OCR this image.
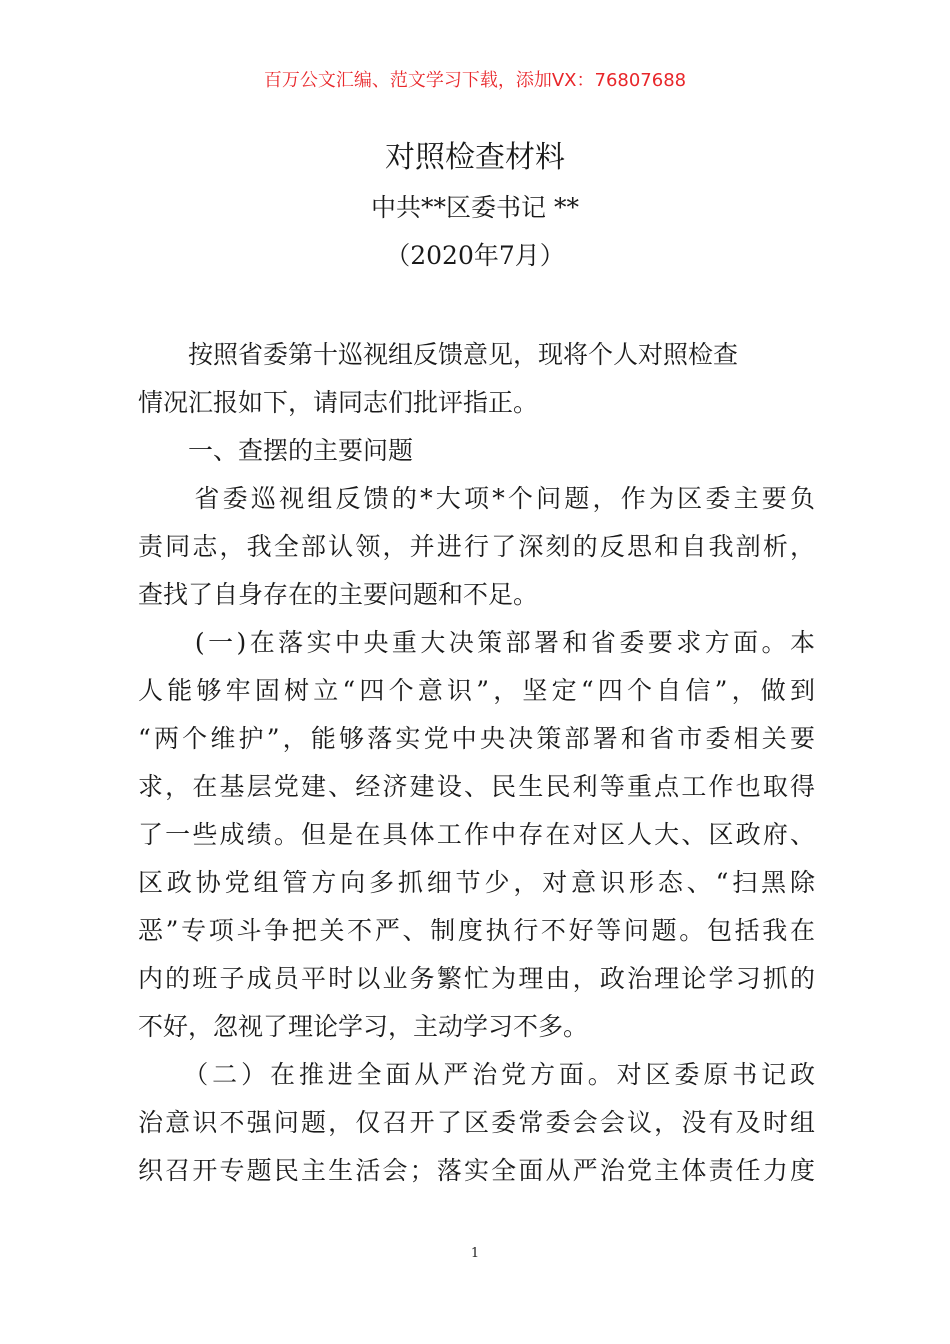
百万公文汇编、范文学习下载，添加VX：76807688
对照检查材料
中共**区委书记 **
（2020年7月）
　　按照省委第十巡视组反馈意见，现将个人对照检查
情况汇报如下，请同志们批评指正。
　　一、查摆的主要问题
　　省委巡视组反馈的*大项*个问题，作为区委主要负
责同志，我全部认领，并进行了深刻的反思和自我剖析，
查找了自身存在的主要问题和不足。
　　(一)在落实中央重大决策部署和省委要求方面。本
人能够牢固树立“四个意识”，坚定“四个自信”，做到
“两个维护”，能够落实党中央决策部署和省市委相关要
求，在基层党建、经济建设、民生民利等重点工作也取得
了一些成绩。但是在具体工作中存在对区人大、区政府、
区政协党组管方向多抓细节少，对意识形态、“扫黑除
恶”专项斗争把关不严、制度执行不好等问题。包括我在
内的班子成员平时以业务繁忙为理由，政治理论学习抓的
不好，忽视了理论学习，主动学习不多。
　　（二）在推进全面从严治党方面。对区委原书记政
治意识不强问题，仅召开了区委常委会会议，没有及时组
织召开专题民主生活会；落实全面从严治党主体责任力度
1
